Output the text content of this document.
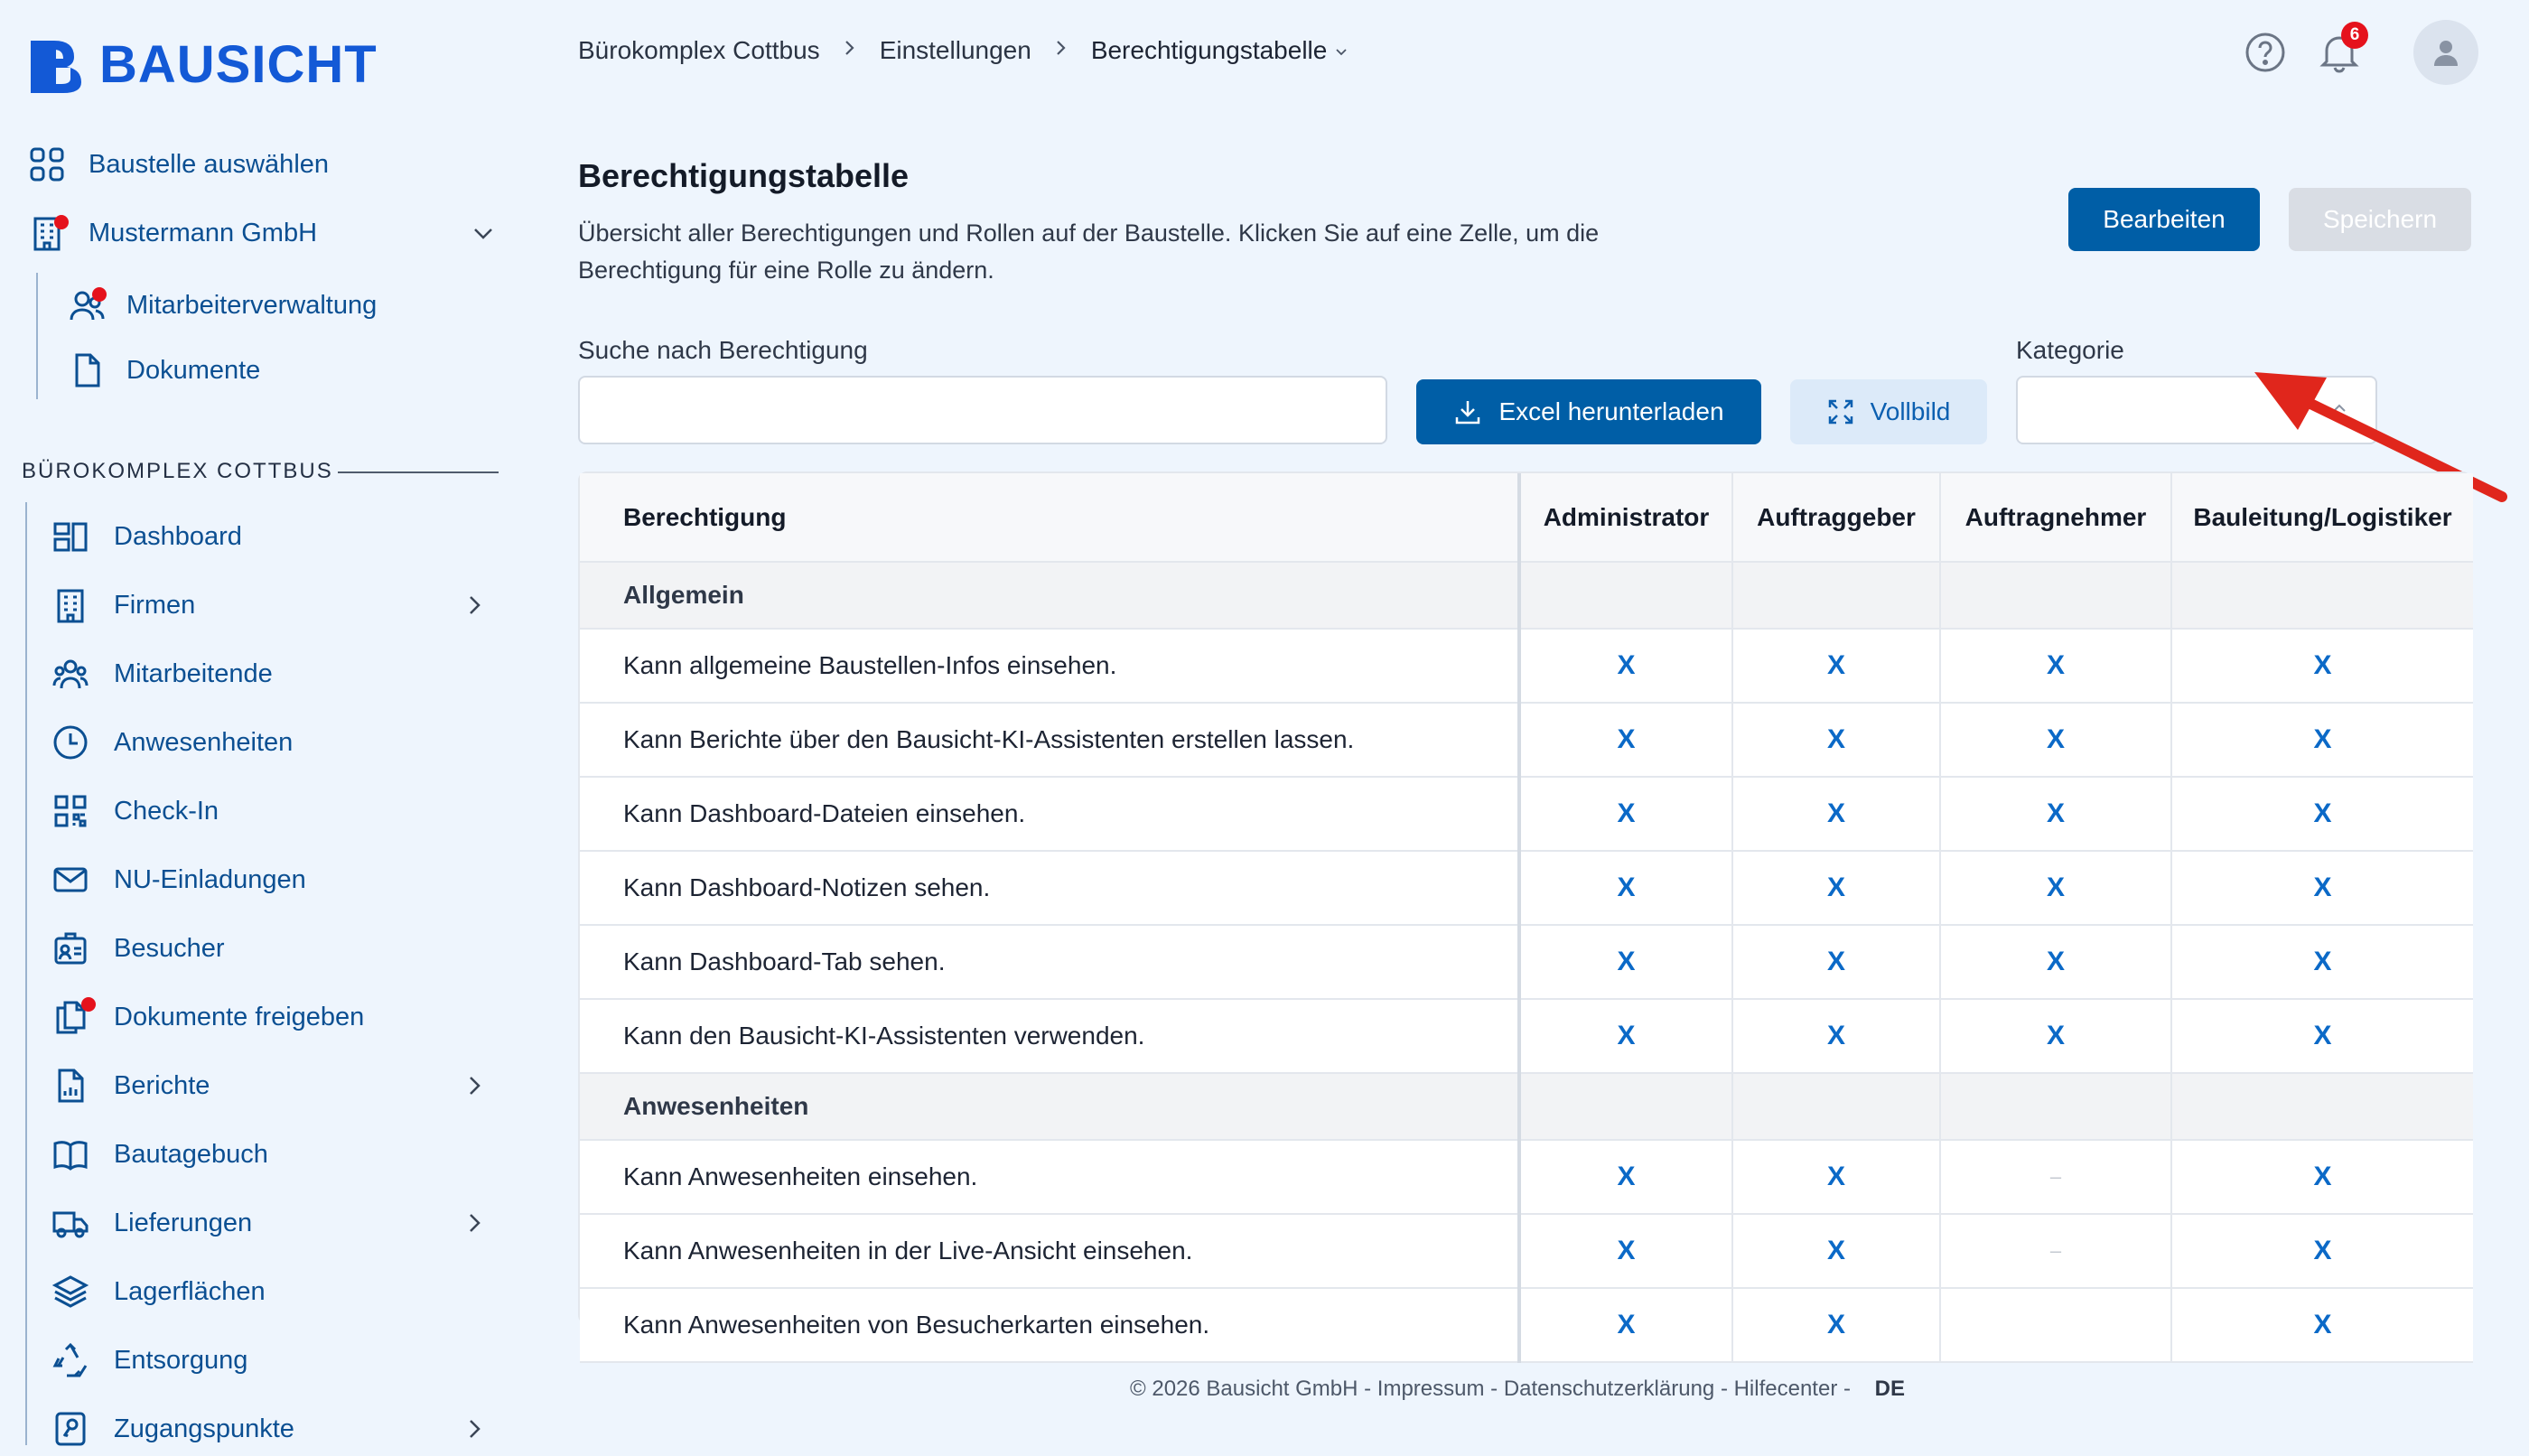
BAUSICHT
Baustelle auswählen
Mustermann GmbH
Mitarbeiterverwaltung
Dokumente
BÜROKOMPLEX COTTBUS
Dashboard
Firmen
Mitarbeitende
Anwesenheiten
Check-In
NU-Einladungen
Besucher
Dokumente freigeben
Berichte
Bautagebuch
Lieferungen
Lagerflächen
Entsorgung
Zugangspunkte
Bürokomplex Cottbus Einstellungen Berechtigungstabelle
6
Berechtigungstabelle

Übersicht aller Berechtigungen und Rollen auf der Baustelle. Klicken Sie auf eine Zelle, um die Berechtigung für eine Rolle zu ändern.

Bearbeiten	Speichern
Suche nach Berechtigung
Excel herunterladen	Vollbild
Kategorie
Berechtigung	Administrator	Auftraggeber	Auftragnehmer	Bauleitung/Logistiker
Allgemein				
Kann allgemeine Baustellen-Infos einsehen.	X	X	X	X
Kann Berichte über den Bausicht-KI-Assistenten erstellen lassen.	X	X	X	X
Kann Dashboard-Dateien einsehen.	X	X	X	X
Kann Dashboard-Notizen sehen.	X	X	X	X
Kann Dashboard-Tab sehen.	X	X	X	X
Kann den Bausicht-KI-Assistenten verwenden.	X	X	X	X
Anwesenheiten				
Kann Anwesenheiten einsehen.	X	X	–	X
Kann Anwesenheiten in der Live-Ansicht einsehen.	X	X	–	X
Kann Anwesenheiten von Besucherkarten einsehen.	X	X		X
© 2026 Bausicht GmbH - Impressum - Datenschutzerklärung - Hilfecenter - DE
